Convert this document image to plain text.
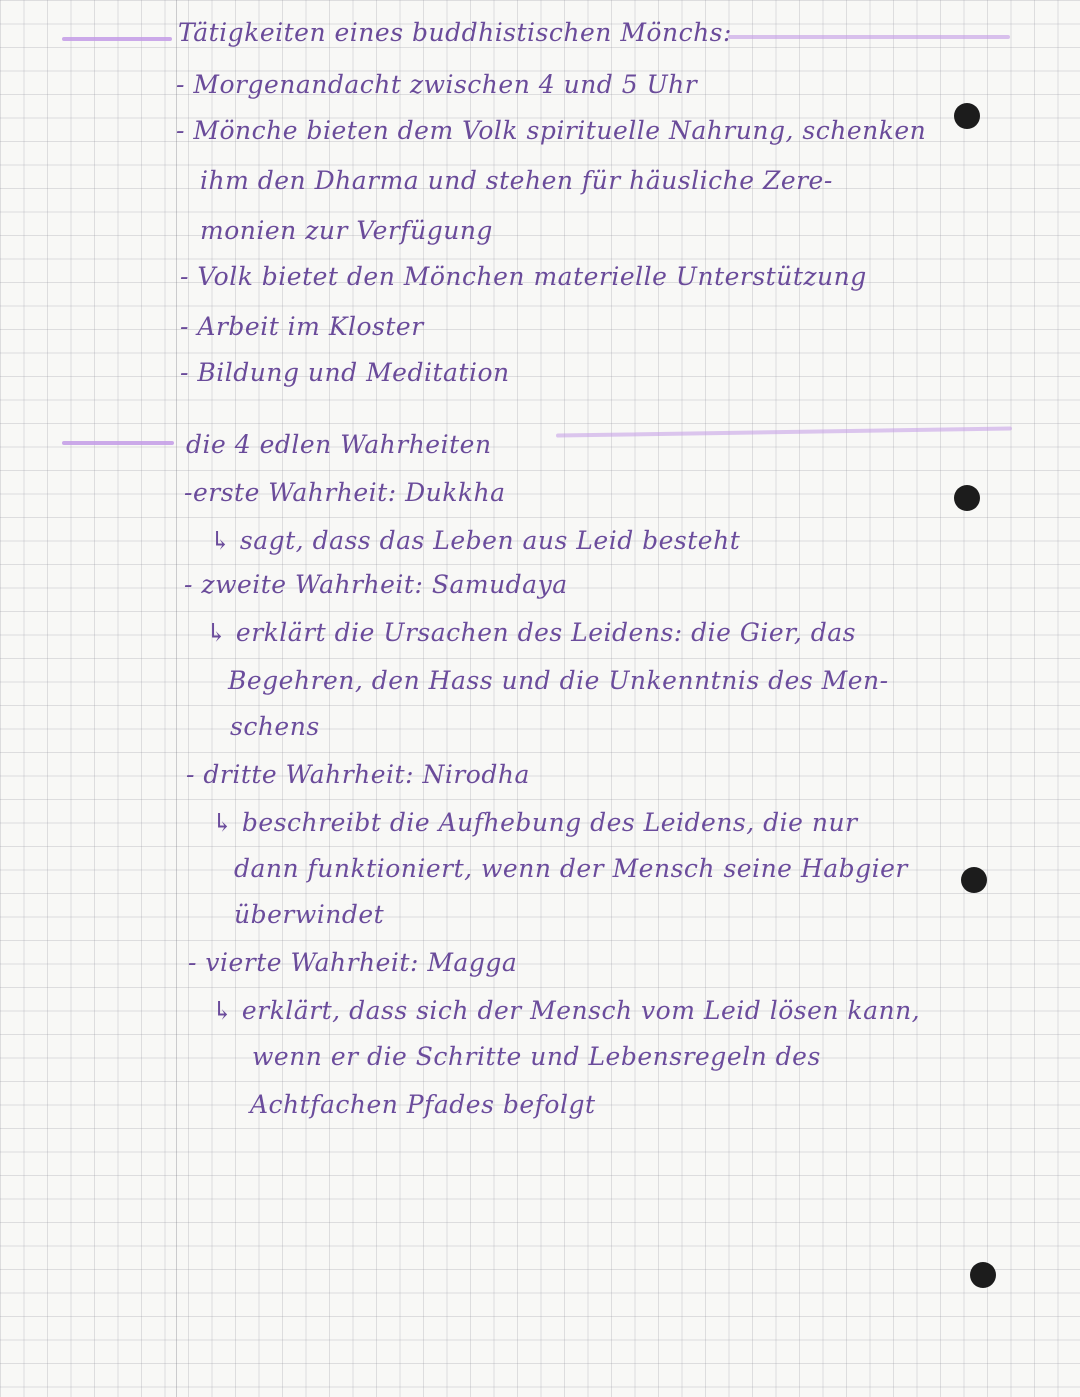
Tätigkeiten eines buddhistischen Mönchs:
- Morgenandacht zwischen 4 und 5 Uhr
- Mönche bieten dem Volk spirituelle Nahrung, schenken
ihm den Dharma und stehen für häusliche Zere-
monien zur Verfügung
- Volk bietet den Mönchen materielle Unterstützung
- Arbeit im Kloster
- Bildung und Meditation
die 4 edlen Wahrheiten
-erste Wahrheit: Dukkha
↳ sagt, dass das Leben aus Leid besteht
- zweite Wahrheit: Samudaya
↳ erklärt die Ursachen des Leidens: die Gier, das
Begehren, den Hass und die Unkenntnis des Men-
schens
- dritte Wahrheit: Nirodha
↳ beschreibt die Aufhebung des Leidens, die nur
dann funktioniert, wenn der Mensch seine Habgier
überwindet
- vierte Wahrheit: Magga
↳ erklärt, dass sich der Mensch vom Leid lösen kann,
wenn er die Schritte und Lebensregeln des
Achtfachen Pfades befolgt
